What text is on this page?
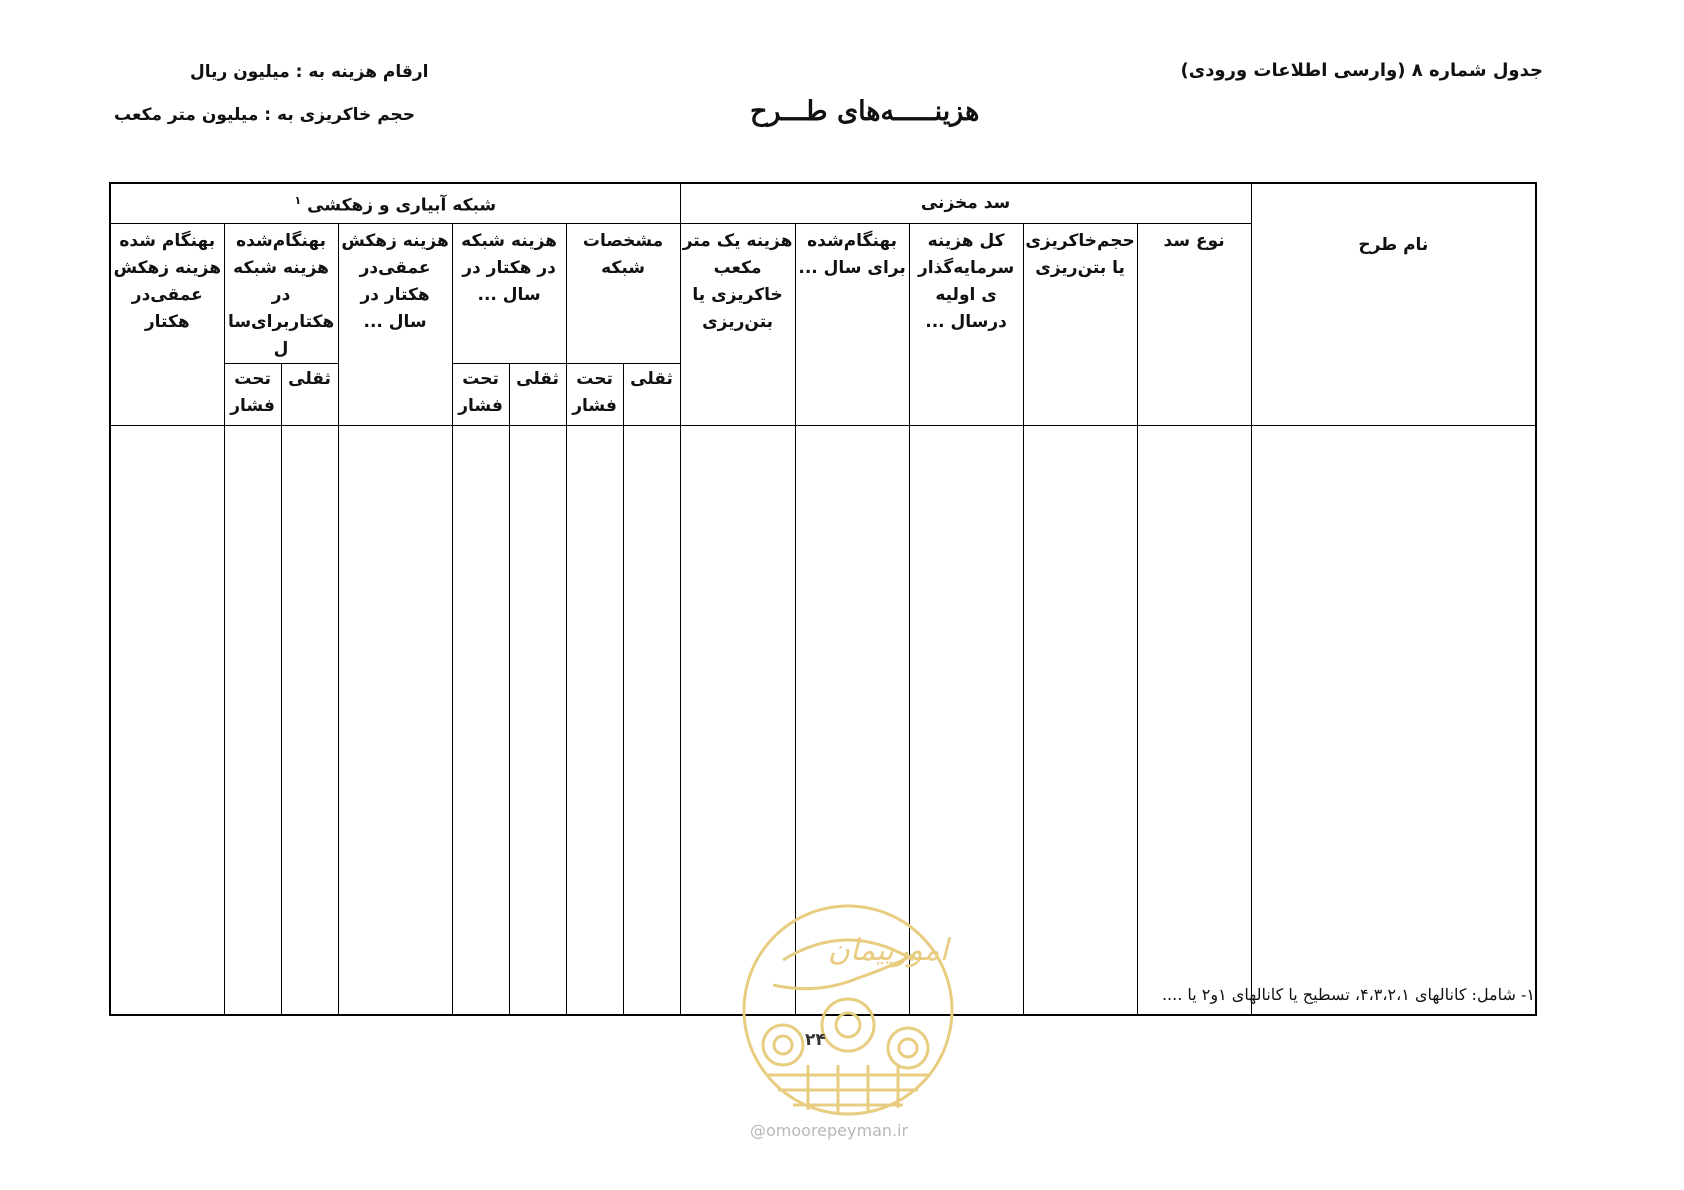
جدول شماره ۸ (وارسی اطلاعات ورودی)
ارقام هزینه به : میلیون ریال
هزینـــــه‌های طـــرح
حجم خاکریزی به : میلیون متر مکعب
نام طرح	سد مخزنی					شبکه آبیاری و زهکشی $^۱$
	نوع سد	حجم‌خاکریزی یا بتن‌ریزی	کل هزینه سرمایه‌گذاری اولیه درسال ...	بهنگام‌شده برای سال ...	هزینه یک متر مکعب خاکریزی یا بتن‌ریزی	مشخصات شبکه		هزینه شبکه در هکتار در سال ...		هزینه زهکش عمقی‌در هکتار در سال ...	بهنگام‌شده هزینه شبکه در هکتاربرای‌سال		بهنگام شده هزینه زهکش عمقی‌در هکتار
						ثقلی	تحت فشار	ثقلی	تحت فشار		ثقلی	تحت فشار	

۱- شامل: کانالهای ۴،۳،۲،۱، تسطیح یا کانالهای ۱و۲ یا ....
امورپیمان
۲۴
@omoorepeyman.ir
